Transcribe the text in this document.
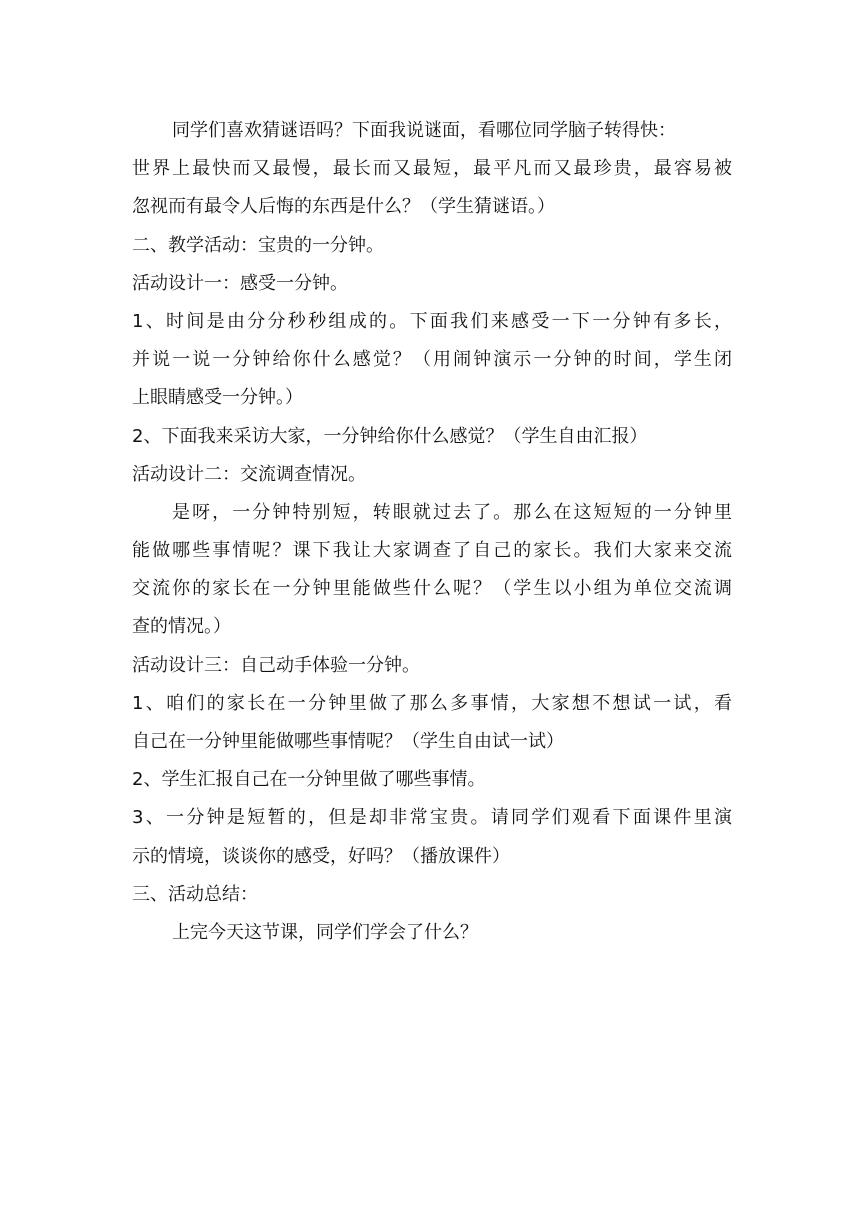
同学们喜欢猜谜语吗？下面我说谜面，看哪位同学脑子转得快：
世界上最快而又最慢，最长而又最短，最平凡而又最珍贵，最容易被
忽视而有最令人后悔的东西是什么？（学生猜谜语。）
二、教学活动：宝贵的一分钟。
活动设计一：感受一分钟。
1、时间是由分分秒秒组成的。下面我们来感受一下一分钟有多长，
并说一说一分钟给你什么感觉？（用闹钟演示一分钟的时间，学生闭
上眼睛感受一分钟。）
2、下面我来采访大家，一分钟给你什么感觉？（学生自由汇报）
活动设计二：交流调查情况。
是呀，一分钟特别短，转眼就过去了。那么在这短短的一分钟里
能做哪些事情呢？课下我让大家调查了自己的家长。我们大家来交流
交流你的家长在一分钟里能做些什么呢？（学生以小组为单位交流调
查的情况。）
活动设计三：自己动手体验一分钟。
1、咱们的家长在一分钟里做了那么多事情，大家想不想试一试，看
自己在一分钟里能做哪些事情呢？（学生自由试一试）
2、学生汇报自己在一分钟里做了哪些事情。
3、一分钟是短暂的，但是却非常宝贵。请同学们观看下面课件里演
示的情境，谈谈你的感受，好吗？（播放课件）
三、活动总结：
上完今天这节课，同学们学会了什么？
